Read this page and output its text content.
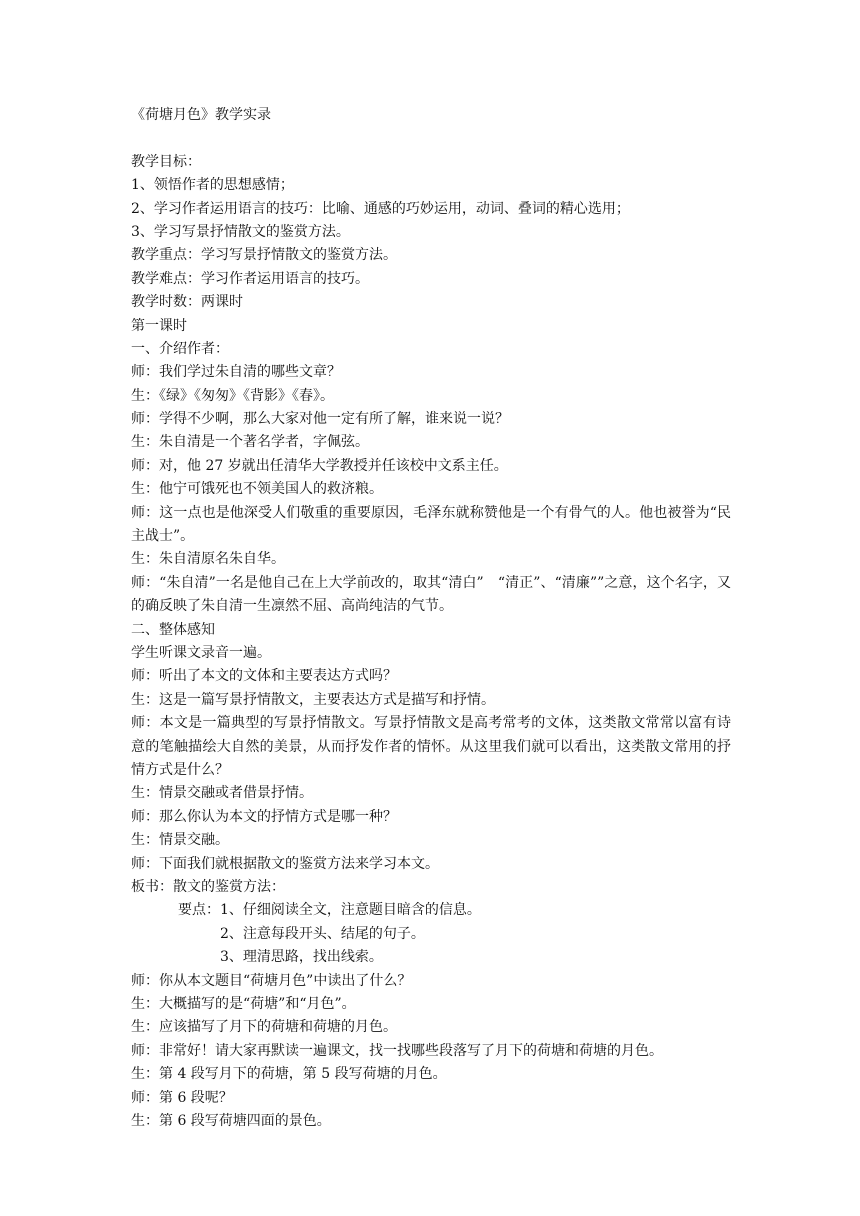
《荷塘月色》教学实录
教学目标：
1、领悟作者的思想感情；
2、学习作者运用语言的技巧：比喻、通感的巧妙运用，动词、叠词的精心选用；
3、学习写景抒情散文的鉴赏方法。
教学重点：学习写景抒情散文的鉴赏方法。
教学难点：学习作者运用语言的技巧。
教学时数：两课时
第一课时
一、介绍作者：
师：我们学过朱自清的哪些文章？
生：《绿》《匆匆》《背影》《春》。
师：学得不少啊，那么大家对他一定有所了解，谁来说一说？
生：朱自清是一个著名学者，字佩弦。
师：对，他 27 岁就出任清华大学教授并任该校中文系主任。
生：他宁可饿死也不领美国人的救济粮。
师：这一点也是他深受人们敬重的重要原因，毛泽东就称赞他是一个有骨气的人。他也被誉为“民主战士”。
生：朱自清原名朱自华。
师：“朱自清”一名是他自己在上大学前改的，取其“清白”　“清正”、“清廉””之意，这个名字，又的确反映了朱自清一生凛然不屈、高尚纯洁的气节。
二、整体感知
学生听课文录音一遍。
师：听出了本文的文体和主要表达方式吗？
生：这是一篇写景抒情散文，主要表达方式是描写和抒情。
师：本文是一篇典型的写景抒情散文。写景抒情散文是高考常考的文体，这类散文常常以富有诗意的笔触描绘大自然的美景，从而抒发作者的情怀。从这里我们就可以看出，这类散文常用的抒情方式是什么？
生：情景交融或者借景抒情。
师：那么你认为本文的抒情方式是哪一种？
生：情景交融。
师：下面我们就根据散文的鉴赏方法来学习本文。
板书：散文的鉴赏方法：
要点：1、仔细阅读全文，注意题目暗含的信息。
2、注意每段开头、结尾的句子。
3、理清思路，找出线索。
师：你从本文题目“荷塘月色”中读出了什么？
生：大概描写的是“荷塘”和“月色”。
生：应该描写了月下的荷塘和荷塘的月色。
师：非常好！请大家再默读一遍课文，找一找哪些段落写了月下的荷塘和荷塘的月色。
生：第 4 段写月下的荷塘，第 5 段写荷塘的月色。
师：第 6 段呢？
生：第 6 段写荷塘四面的景色。
